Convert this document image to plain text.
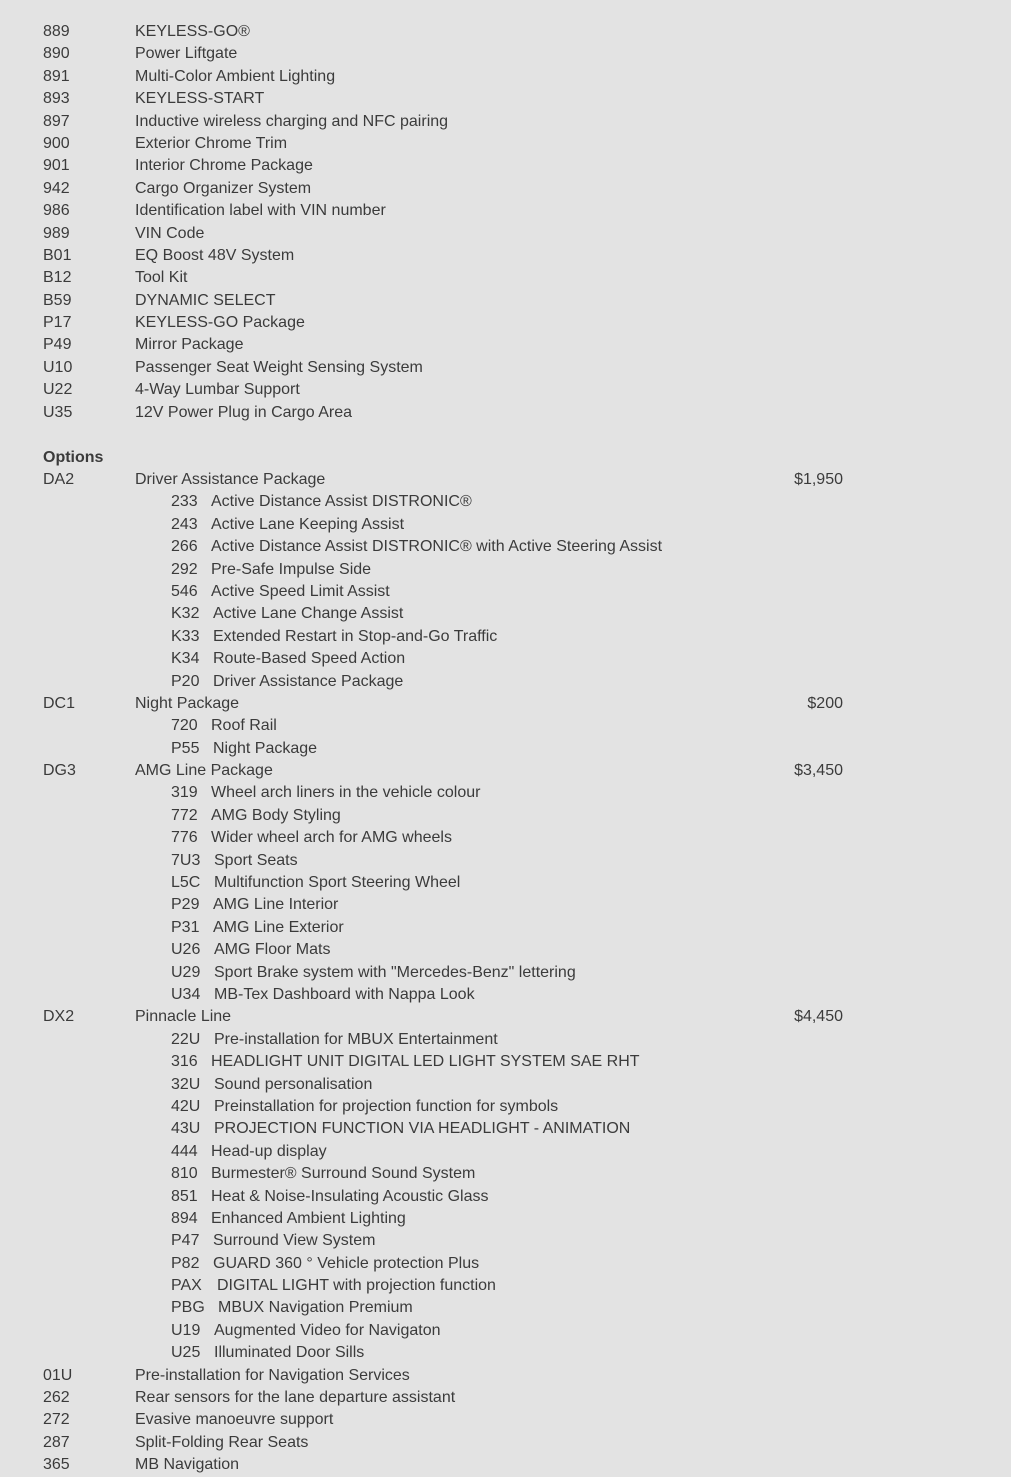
889	KEYLESS-GO®
890	Power Liftgate
891	Multi-Color Ambient Lighting
893	KEYLESS-START
897	Inductive wireless charging and NFC pairing
900	Exterior Chrome Trim
901	Interior Chrome Package
942	Cargo Organizer System
986	Identification label with VIN number
989	VIN Code
B01	EQ Boost 48V System
B12	Tool Kit
B59	DYNAMIC SELECT
P17	KEYLESS-GO Package
P49	Mirror Package
U10	Passenger Seat Weight Sensing System
U22	4-Way Lumbar Support
U35	12V Power Plug in Cargo Area
Options
DA2	Driver Assistance Package	$1,950
233 Active Distance Assist DISTRONIC®
243 Active Lane Keeping Assist
266 Active Distance Assist DISTRONIC® with Active Steering Assist
292 Pre-Safe Impulse Side
546 Active Speed Limit Assist
K32 Active Lane Change Assist
K33 Extended Restart in Stop-and-Go Traffic
K34 Route-Based Speed Action
P20 Driver Assistance Package
DC1	Night Package	$200
720 Roof Rail
P55 Night Package
DG3	AMG Line Package	$3,450
319 Wheel arch liners in the vehicle colour
772 AMG Body Styling
776 Wider wheel arch for AMG wheels
7U3 Sport Seats
L5C Multifunction Sport Steering Wheel
P29 AMG Line Interior
P31 AMG Line Exterior
U26 AMG Floor Mats
U29 Sport Brake system with "Mercedes-Benz" lettering
U34 MB-Tex Dashboard with Nappa Look
DX2	Pinnacle Line	$4,450
22U Pre-installation for MBUX Entertainment
316 HEADLIGHT UNIT DIGITAL LED LIGHT SYSTEM SAE RHT
32U Sound personalisation
42U Preinstallation for projection function for symbols
43U PROJECTION FUNCTION VIA HEADLIGHT - ANIMATION
444 Head-up display
810 Burmester® Surround Sound System
851 Heat & Noise-Insulating Acoustic Glass
894 Enhanced Ambient Lighting
P47 Surround View System
P82 GUARD 360 ° Vehicle protection Plus
PAX DIGITAL LIGHT with projection function
PBG MBUX Navigation Premium
U19 Augmented Video for Navigaton
U25 Illuminated Door Sills
01U	Pre-installation for Navigation Services
262	Rear sensors for the lane departure assistant
272	Evasive manoeuvre support
287	Split-Folding Rear Seats
365	MB Navigation
